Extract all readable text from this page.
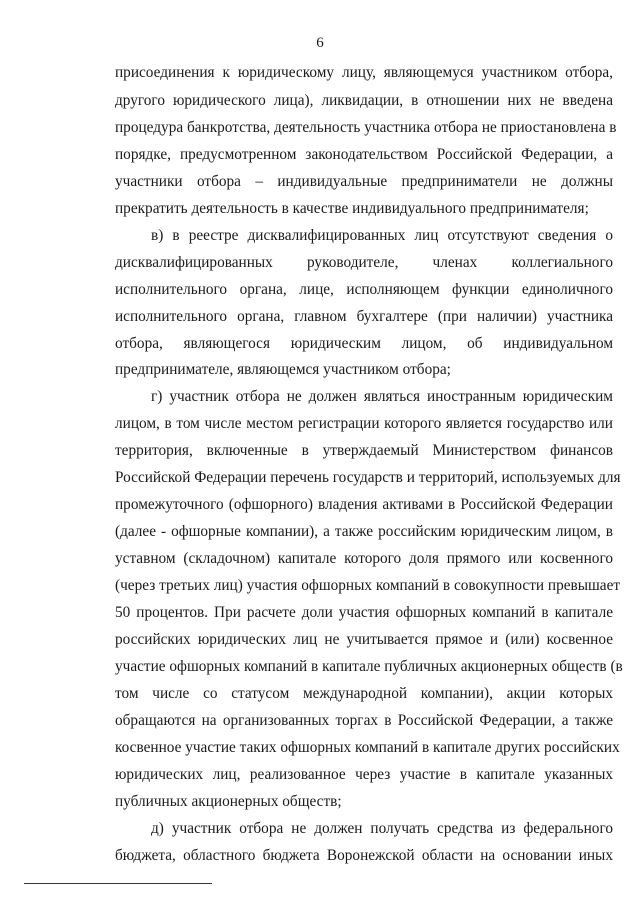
6
присоединения к юридическому лицу, являющемуся участником отбора,
другого юридического лица), ликвидации, в отношении них не введена
процедура банкротства, деятельность участника отбора не приостановлена в
порядке, предусмотренном законодательством Российской Федерации, а
участники отбора – индивидуальные предприниматели не должны
прекратить деятельность в качестве индивидуального предпринимателя;
в) в реестре дисквалифицированных лиц отсутствуют сведения о
дисквалифицированных руководителе, членах коллегиального
исполнительного органа, лице, исполняющем функции единоличного
исполнительного органа, главном бухгалтере (при наличии) участника
отбора, являющегося юридическим лицом, об индивидуальном
предпринимателе, являющемся участником отбора;
г) участник отбора не должен являться иностранным юридическим
лицом, в том числе местом регистрации которого является государство или
территория, включенные в утверждаемый Министерством финансов
Российской Федерации перечень государств и территорий, используемых для
промежуточного (офшорного) владения активами в Российской Федерации
(далее - офшорные компании), а также российским юридическим лицом, в
уставном (складочном) капитале которого доля прямого или косвенного
(через третьих лиц) участия офшорных компаний в совокупности превышает
50 процентов. При расчете доли участия офшорных компаний в капитале
российских юридических лиц не учитывается прямое и (или) косвенное
участие офшорных компаний в капитале публичных акционерных обществ (в
том числе со статусом международной компании), акции которых
обращаются на организованных торгах в Российской Федерации, а также
косвенное участие таких офшорных компаний в капитале других российских
юридических лиц, реализованное через участие в капитале указанных
публичных акционерных обществ;
д) участник отбора не должен получать средства из федерального
бюджета, областного бюджета Воронежской области на основании иных
